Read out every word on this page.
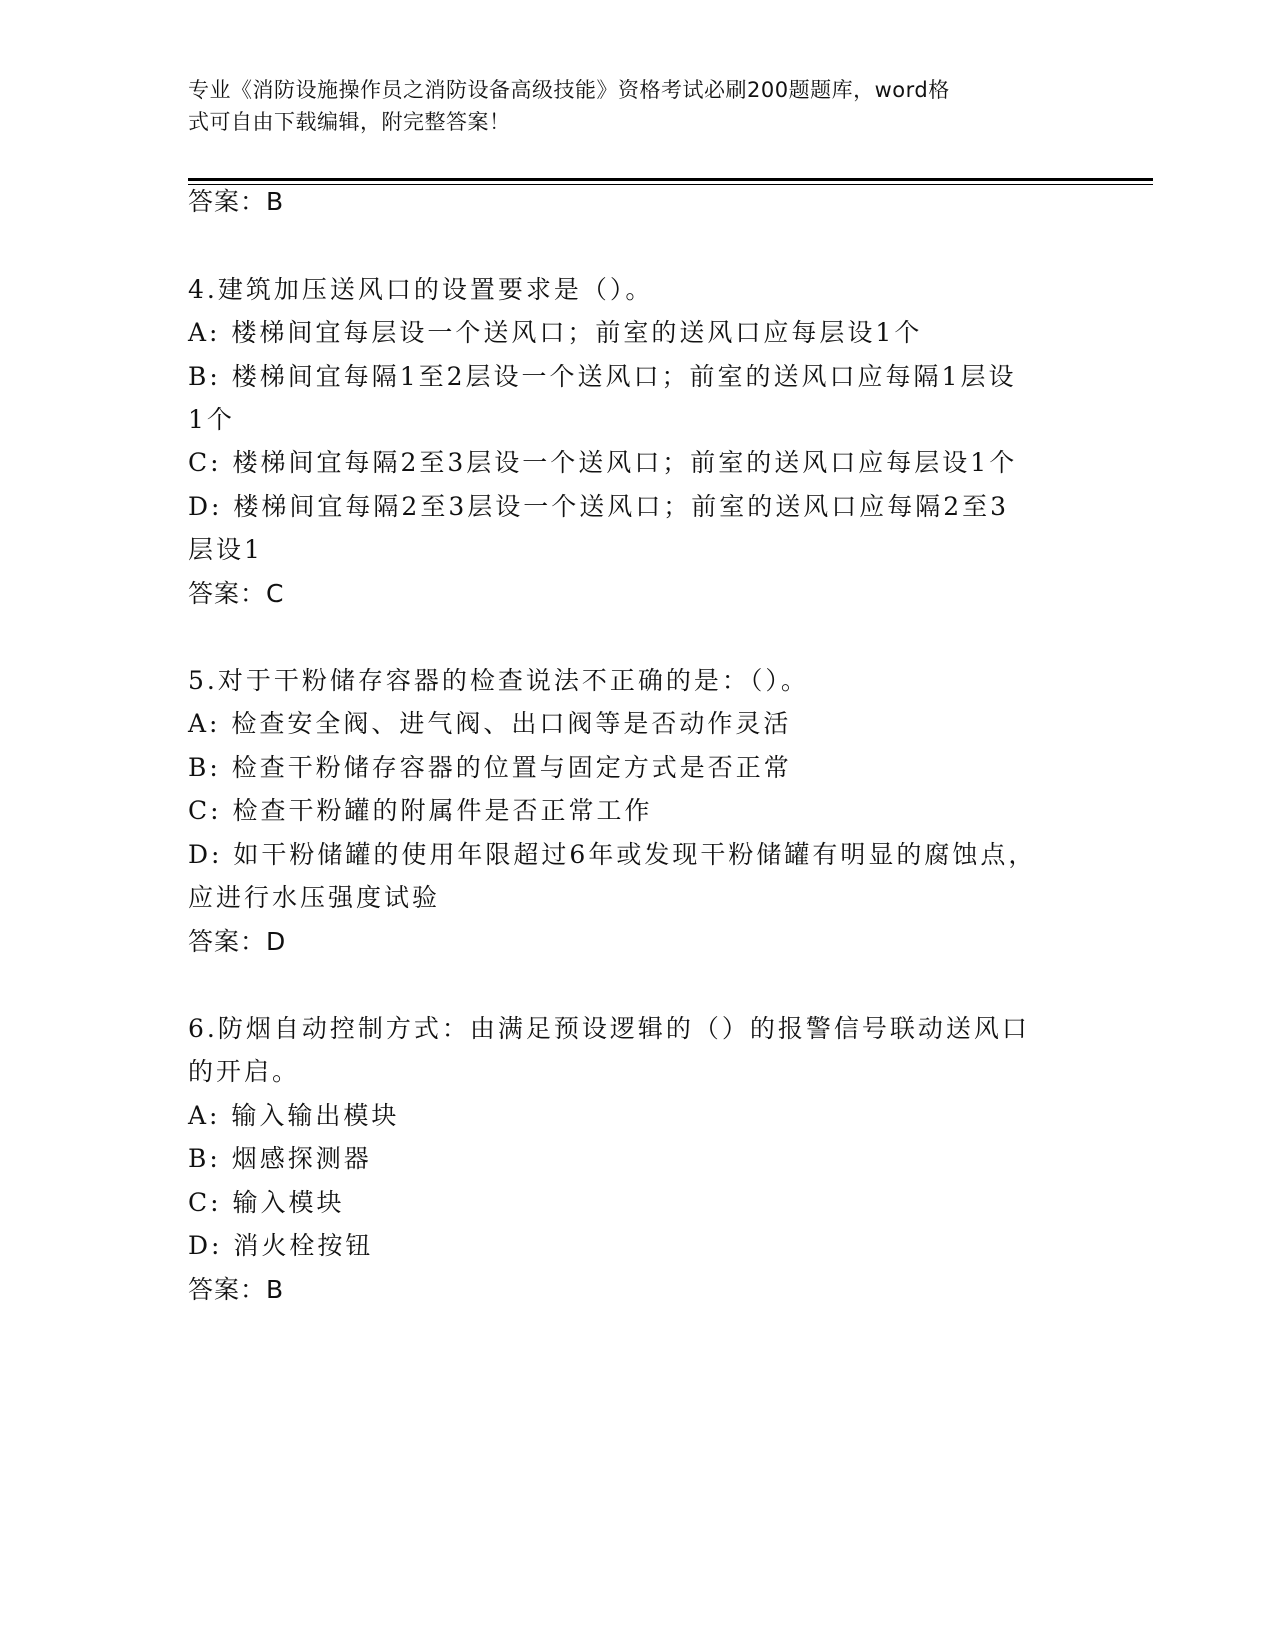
专业《消防设施操作员之消防设备高级技能》资格考试必刷200题题库，word格
式可自由下载编辑，附完整答案！
答案：B
4.建筑加压送风口的设置要求是（）。
A: 楼梯间宜每层设一个送风口；前室的送风口应每层设1个
B: 楼梯间宜每隔1至2层设一个送风口；前室的送风口应每隔1层设
1个
C: 楼梯间宜每隔2至3层设一个送风口；前室的送风口应每层设1个
D: 楼梯间宜每隔2至3层设一个送风口；前室的送风口应每隔2至3
层设1
答案：C
5.对于干粉储存容器的检查说法不正确的是：（）。
A: 检查安全阀、进气阀、出口阀等是否动作灵活
B: 检查干粉储存容器的位置与固定方式是否正常
C: 检查干粉罐的附属件是否正常工作
D: 如干粉储罐的使用年限超过6年或发现干粉储罐有明显的腐蚀点，
应进行水压强度试验
答案：D
6.防烟自动控制方式：由满足预设逻辑的（）的报警信号联动送风口
的开启。
A: 输入输出模块
B: 烟感探测器
C: 输入模块
D: 消火栓按钮
答案：B
